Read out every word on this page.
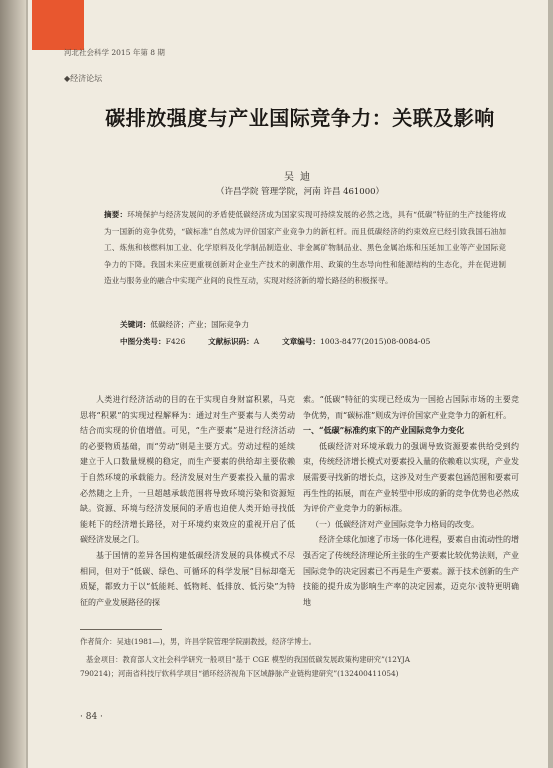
河北社会科学 2015 年第 8 期
◆经济论坛
碳排放强度与产业国际竞争力：关联及影响
吴迪
（许昌学院 管理学院，河南 许昌 461000）
摘要：环境保护与经济发展间的矛盾使低碳经济成为国家实现可持续发展的必然之选，具有“低碳”特征的生产技能将成为一国新的竞争优势，“碳标准”自然成为评价国家产业竞争力的新杠杆。而且低碳经济的约束效应已经引致我国石油加工、炼焦和核燃料加工业、化学原料及化学制品制造业、非金属矿物制品业、黑色金属冶炼和压延加工业等产业国际竞争力的下降。我国未来应更重视创新对企业生产技术的刺激作用、政策的生态导向性和能源结构的生态化，并在促进制造业与服务业的融合中实现产业间的良性互动，实现对经济新的增长路径的积极探寻。
关键词：低碳经济；产业；国际竞争力
中图分类号：F426	文献标识码：A	文章编号：1003-8477(2015)08-0084-05

人类进行经济活动的目的在于实现自身财富积累，马克思将“积累”的实现过程解释为：通过对生产要素与人类劳动结合而实现的价值增值。可见，“生产要素”是进行经济活动的必要物质基础，而“劳动”则是主要方式。劳动过程的延续建立于人口数量规模的稳定，而生产要素的供给却主要依赖于自然环境的承载能力。经济发展对生产要素投入量的需求必然随之上升，一旦超越承载范围将导致环境污染和资源短缺。资源、环境与经济发展间的矛盾也迫使人类开始寻找低能耗下的经济增长路径，对于环境约束效应的重视开启了低碳经济发展之门。

基于国情的差异各国构建低碳经济发展的具体模式不尽相同，但对于“低碳、绿色、可循环的科学发展”目标却毫无质疑，都致力于以“低能耗、低物耗、低排放、低污染”为特征的产业发展路径的探

索。“低碳”特征的实现已经成为一国抢占国际市场的主要竞争优势，而“碳标准”则成为评价国家产业竞争力的新杠杆。

一、“低碳”标准约束下的产业国际竞争力变化

低碳经济对环境承载力的强调导致资源要素供给受到约束，传统经济增长模式对要素投入量的依赖难以实现，产业发展需要寻找新的增长点，这涉及对生产要素包涵范围和要素可再生性的拓展，而在产业转型中形成的新的竞争优势也必然成为评价产业竞争力的新标准。

（一）低碳经济对产业国际竞争力格局的改变。

经济全球化加速了市场一体化进程，要素自由流动性的增强否定了传统经济理论所主张的生产要素比较优势法则，产业国际竞争的决定因素已不再是生产要素。源于技术创新的生产技能的提升成为影响生产率的决定因素，迈克尔·波特更明确地

作者简介：吴迪(1981—)，男，许昌学院管理学院副教授，经济学博士。
基金项目：教育部人文社会科学研究一般项目“基于 CGE 模型的我国低碳发展政策构建研究”(12YJA
790214)；河南省科技厅软科学项目“循环经济视角下区域静脉产业链构建研究”(132400411054)
· 84 ·
